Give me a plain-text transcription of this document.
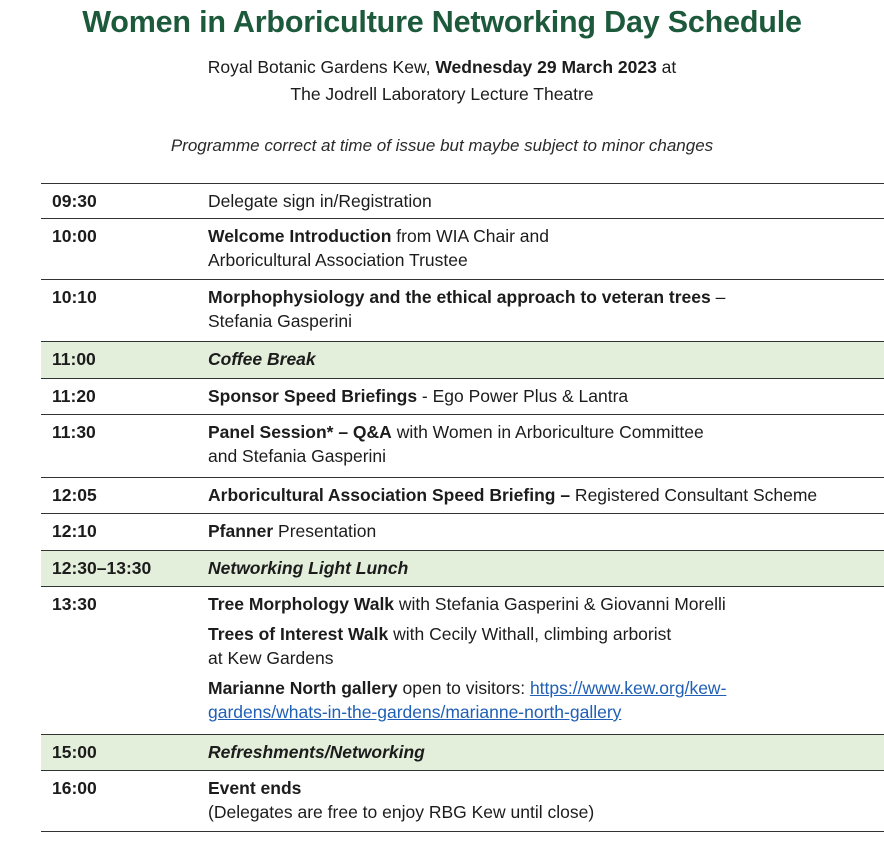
Women in Arboriculture Networking Day Schedule
Royal Botanic Gardens Kew, Wednesday 29 March 2023 at
The Jodrell Laboratory Lecture Theatre
Programme correct at time of issue but maybe subject to minor changes
09:30	Delegate sign in/Registration
10:00	Welcome Introduction from WIA Chair and
Arboricultural Association Trustee
10:10	Morphophysiology and the ethical approach to veteran trees –
Stefania Gasperini
11:00	Coffee Break
11:20	Sponsor Speed Briefings - Ego Power Plus & Lantra
11:30	Panel Session* – Q&A with Women in Arboriculture Committee
and Stefania Gasperini
12:05	Arboricultural Association Speed Briefing – Registered Consultant Scheme
12:10	Pfanner Presentation
12:30–13:30	Networking Light Lunch
13:30	Tree Morphology Walk with Stefania Gasperini & Giovanni Morelli
Trees of Interest Walk with Cecily Withall, climbing arborist
at Kew Gardens
Marianne North gallery open to visitors: https://www.kew.org/kew-
gardens/whats-in-the-gardens/marianne-north-gallery
15:00	Refreshments/Networking
16:00	Event ends
(Delegates are free to enjoy RBG Kew until close)
